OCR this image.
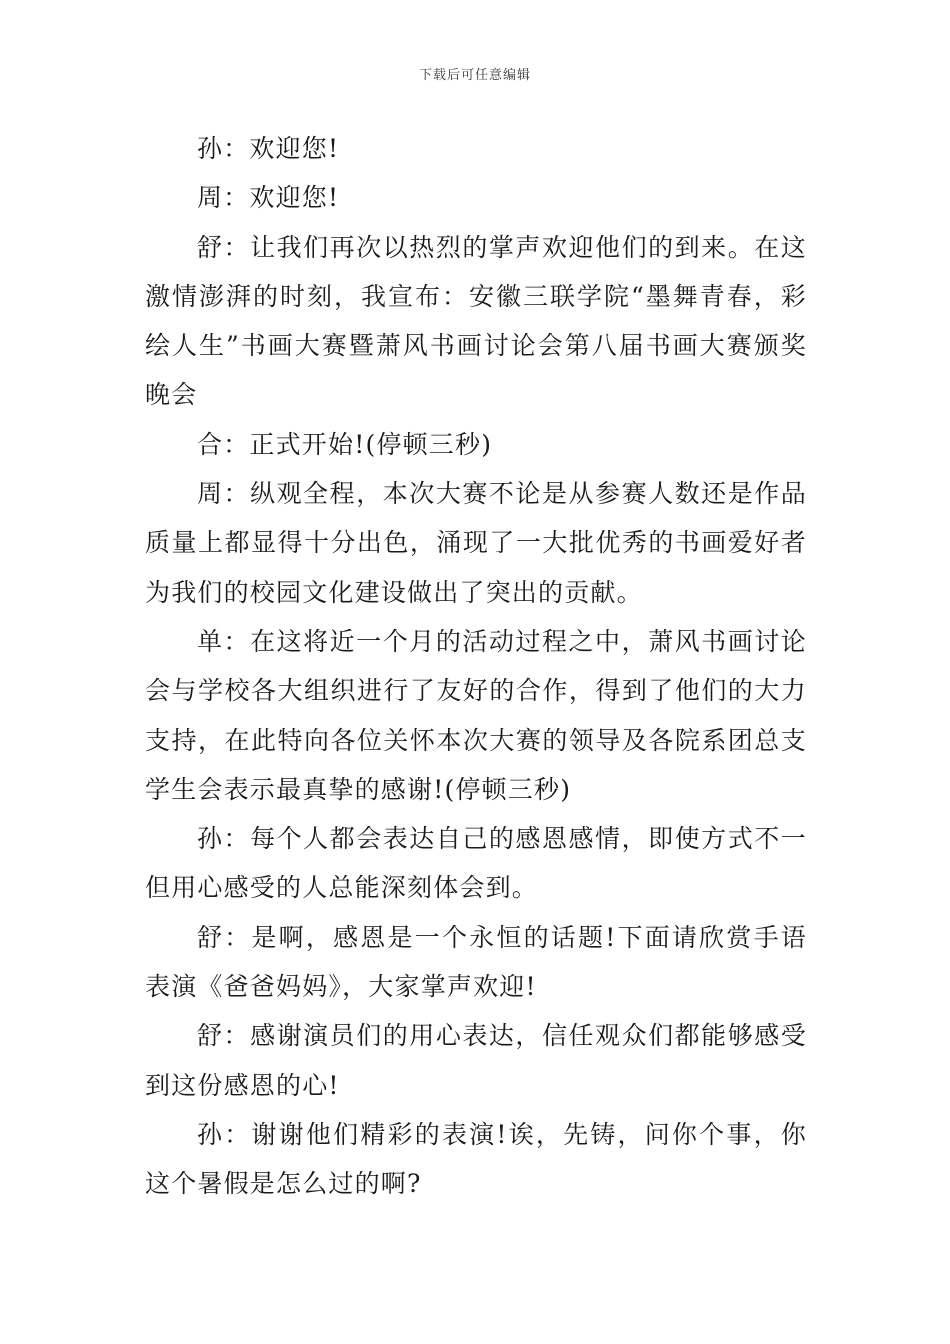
下载后可任意编辑

孙：欢迎您!

周：欢迎您!

舒：让我们再次以热烈的掌声欢迎他们的到来。在这激情澎湃的时刻，我宣布：安徽三联学院“墨舞青春，彩绘人生”书画大赛暨萧风书画讨论会第八届书画大赛颁奖晚会

合：正式开始!(停顿三秒)

周：纵观全程，本次大赛不论是从参赛人数还是作品质量上都显得十分出色，涌现了一大批优秀的书画爱好者为我们的校园文化建设做出了突出的贡献。

单：在这将近一个月的活动过程之中，萧风书画讨论会与学校各大组织进行了友好的合作，得到了他们的大力支持，在此特向各位关怀本次大赛的领导及各院系团总支学生会表示最真挚的感谢!(停顿三秒)

孙：每个人都会表达自己的感恩感情，即使方式不一但用心感受的人总能深刻体会到。

舒：是啊，感恩是一个永恒的话题!下面请欣赏手语表演《爸爸妈妈》，大家掌声欢迎!

舒：感谢演员们的用心表达，信任观众们都能够感受到这份感恩的心!

孙：谢谢他们精彩的表演!诶，先铸，问你个事，你这个暑假是怎么过的啊?
